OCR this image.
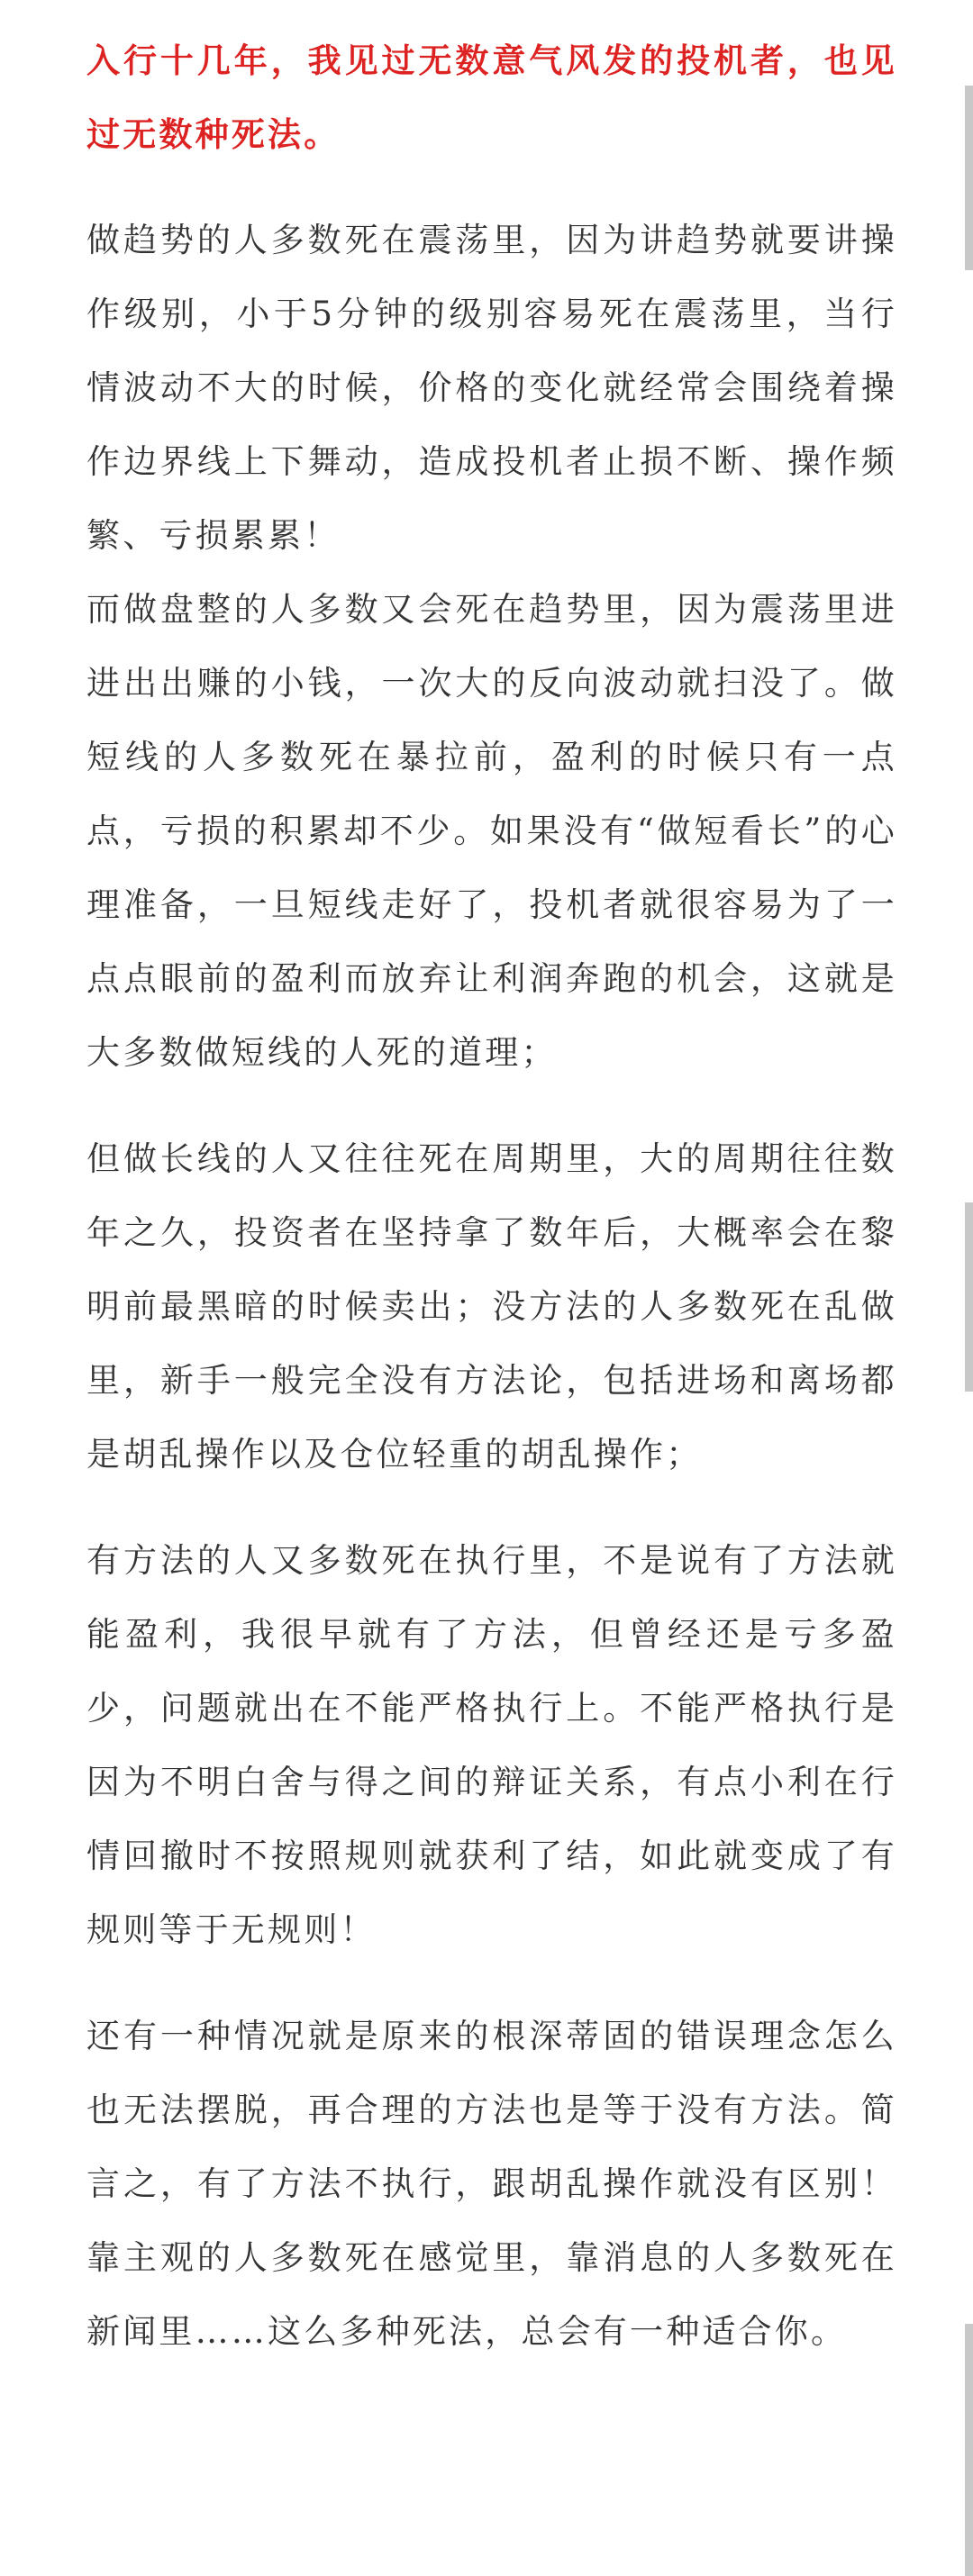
入行十几年，我见过无数意气风发的投机者，也见过无数种死法。

做趋势的人多数死在震荡里，因为讲趋势就要讲操作级别，小于5分钟的级别容易死在震荡里，当行情波动不大的时候，价格的变化就经常会围绕着操作边界线上下舞动，造成投机者止损不断、操作频繁、亏损累累！

而做盘整的人多数又会死在趋势里，因为震荡里进进出出赚的小钱，一次大的反向波动就扫没了。做短线的人多数死在暴拉前，盈利的时候只有一点点，亏损的积累却不少。如果没有“做短看长”的心理准备，一旦短线走好了，投机者就很容易为了一点点眼前的盈利而放弃让利润奔跑的机会，这就是大多数做短线的人死的道理；

但做长线的人又往往死在周期里，大的周期往往数年之久，投资者在坚持拿了数年后，大概率会在黎明前最黑暗的时候卖出；没方法的人多数死在乱做里，新手一般完全没有方法论，包括进场和离场都是胡乱操作以及仓位轻重的胡乱操作；

有方法的人又多数死在执行里，不是说有了方法就能盈利，我很早就有了方法，但曾经还是亏多盈少，问题就出在不能严格执行上。不能严格执行是因为不明白舍与得之间的辩证关系，有点小利在行情回撤时不按照规则就获利了结，如此就变成了有规则等于无规则！

还有一种情况就是原来的根深蒂固的错误理念怎么也无法摆脱，再合理的方法也是等于没有方法。简言之，有了方法不执行，跟胡乱操作就没有区别！靠主观的人多数死在感觉里，靠消息的人多数死在新闻里……这么多种死法，总会有一种适合你。
